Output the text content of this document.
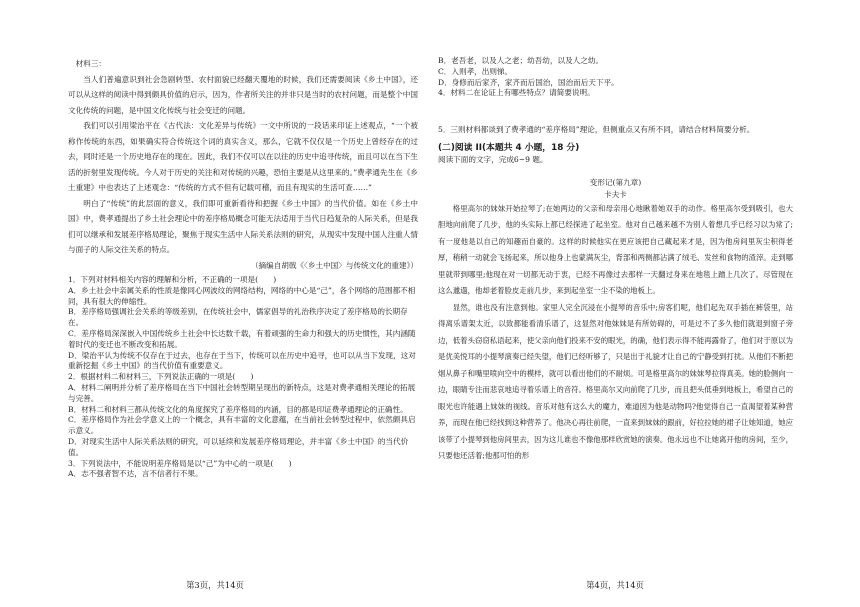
材料三：

当人们普遍意识到社会急剧转型、农村面貌已经翻天覆地的时候，我们还需要阅读《乡土中国》，还可以从这样的阅读中得到颇具价值的启示，因为，作者所关注的并非只是当时的农村问题，而是整个中国文化传统的问题，是中国文化传统与社会变迁的问题。

我们可以引用梁治平在《古代法：文化差异与传统》一文中所说的一段话来印证上述观点，“一个被称作传统的东西，如果确实符合传统这个词的真实含义，那么，它就不仅仅是一个历史上曾经存在的过去，同时还是一个历史地存在的现在。因此，我们不仅可以在以往的历史中追寻传统，而且可以在当下生活的折射里发现传统。今人对于历史的关注和对传统的兴趣，恐怕主要是从这里来的。”费孝通先生在《乡土重建》中也表达了上述观念：“传统的方式不但有记载可稽，而且有现实的生活可查……”

明白了“传统”的此层面的意义，我们即可重新看待和把握《乡土中国》的当代价值。如在《乡土中国》中，费孝通提出了乡土社会理论中的差序格局概念可能无法适用于当代日趋复杂的人际关系，但是我们可以继承和发展差序格局理论，聚焦于现实生活中人际关系法则的研究，从现实中发现中国人注重人情与面子的人际交往关系的特点。

（摘编自胡戟《〈乡土中国〉与传统文化的重建》）

1．下列对材料相关内容的理解和分析，不正确的一项是(　　)

A．乡土社会中亲属关系的性质是像同心网波纹的网络结构，网络的中心是“己”，各个网络的范围都不相同，具有很大的伸缩性。

B．差序格局强调社会关系的等级差别，在传统社会中，儒家倡导的礼治秩序决定了差序格局的长期存在。

C．差序格局深深嵌入中国传统乡土社会中长达数千载，有着顽强的生命力和强大的历史惯性，其内涵随着时代的变迁也不断改变和拓展。

D．梁治平认为传统不仅存在于过去，也存在于当下，传统可以在历史中追寻，也可以从当下发现，这对重新挖掘《乡土中国》的当代价值有重要意义。

2．根据材料二和材料三，下列说法正确的一项是(　　)

A．材料二阐明并分析了差序格局在当下中国社会转型期呈现出的新特点，这是对费孝通相关理论的拓展与完善。

B．材料二和材料三都从传统文化的角度探究了差序格局的内涵，目的都是印证费孝通理论的正确性。

C．差序格局作为社会学意义上的一个概念，具有丰富的文化意蕴，在当前社会转型过程中，依然颇具启示意义。

D．对现实生活中人际关系法则的研究，可以延续和发展差序格局理论，并丰富《乡土中国》的当代价值。

3．下列说法中，不能说明差序格局是以“己”为中心的一项是(　　)

A．志不强者智不达，言不信者行不果。

第3页，共14页

B．老吾老，以及人之老；幼吾幼，以及人之幼。

C．入则孝，出则悌。

D．身修而后家齐，家齐而后国治，国治而后天下平。

4．材料二在论证上有哪些特点？请简要说明。

5．三则材料都谈到了费孝通的“差序格局”理论，但侧重点又有所不同，请结合材料简要分析。

(二)阅读 II(本题共 4 小题，18 分)

阅读下面的文字，完成6~9 题。

变形记(第九章)

卡夫卡

格里高尔的妹妹开始拉琴了;在她两边的父亲和母亲用心地瞅着她双手的动作。格里高尔受到吸引，也大胆地向前爬了几步，他的头实际上都已经探进了起坐室。他对自己越来越不为别人着想几乎已经习以为常了;有一度他是以自己的知趣而自豪的。这样的时候他实在更应该把自己藏起来才是，因为他房间里灰尘积得老厚，稍稍一动就会飞扬起来，所以他身上也蒙满灰尘，背部和两侧都沾满了绒毛、发丝和食物的渣滓。走到哪里就带到哪里;他现在对一切都无动于衷，已经不再像过去那样一天翻过身来在地毯上蹭上几次了。尽管现在这么邋遢，他却老着脸皮走前几步，来到起坐室一尘不染的地板上。

显然，谁也没有注意到他。家里人完全沉浸在小提琴的音乐中;房客们呢，他们起先双手插在裤袋里，站得离乐谱架太近，以致都能看清乐谱了，这显然对他妹妹是有所妨碍的，可是过不了多久他们就退到窗子旁边，低着头窃窃私语起来，使父亲向他们投来不安的眼光，的确，他们表示得不能再露骨了，他们对于原以为是优美悦耳的小提琴演奏已经失望，他们已经听够了，只是出于礼貌才让自己的宁静受到打扰。从他们不断把烟从鼻子和嘴里喷向空中的模样，就可以看出他们的不耐烦。可是格里高尔的妹妹琴拉得真美。她的脸侧向一边，眼睛专注而悲哀地追寻着乐谱上的音符。格里高尔又向前爬了几步，而且把头低垂到地板上，希望自己的眼光也许能遇上妹妹的视线。音乐对他有这么大的魔力，难道因为他是动物吗?他觉得自己一直渴望着某种营养，而现在他已经找到这种营养了。他决心再往前爬，一直来到妹妹的跟前，好拉拉她的裙子让她知道，她应该带了小提琴到他房间里去，因为这儿谁也不像他那样欣赏她的演奏。他永远也不让她离开他的房间，至少，只要他还活着;他那可怕的形

第4页，共14页
